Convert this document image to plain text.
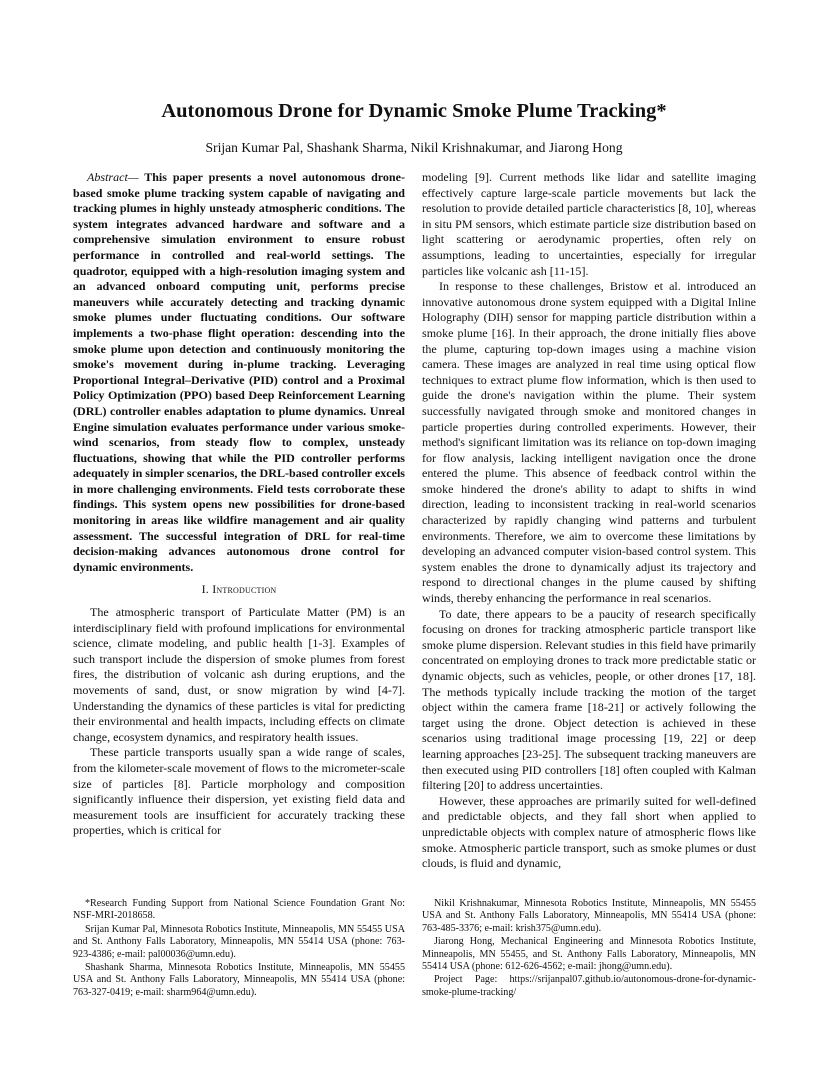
Autonomous Drone for Dynamic Smoke Plume Tracking*

Srijan Kumar Pal, Shashank Sharma, Nikil Krishnakumar, and Jiarong Hong

Abstract— This paper presents a novel autonomous drone-based smoke plume tracking system capable of navigating and tracking plumes in highly unsteady atmospheric conditions. The system integrates advanced hardware and software and a comprehensive simulation environment to ensure robust performance in controlled and real-world settings. The quadrotor, equipped with a high-resolution imaging system and an advanced onboard computing unit, performs precise maneuvers while accurately detecting and tracking dynamic smoke plumes under fluctuating conditions. Our software implements a two-phase flight operation: descending into the smoke plume upon detection and continuously monitoring the smoke's movement during in-plume tracking. Leveraging Proportional Integral–Derivative (PID) control and a Proximal Policy Optimization (PPO) based Deep Reinforcement Learning (DRL) controller enables adaptation to plume dynamics. Unreal Engine simulation evaluates performance under various smoke-wind scenarios, from steady flow to complex, unsteady fluctuations, showing that while the PID controller performs adequately in simpler scenarios, the DRL-based controller excels in more challenging environments. Field tests corroborate these findings. This system opens new possibilities for drone-based monitoring in areas like wildfire management and air quality assessment. The successful integration of DRL for real-time decision-making advances autonomous drone control for dynamic environments.

I. Introduction

The atmospheric transport of Particulate Matter (PM) is an interdisciplinary field with profound implications for environmental science, climate modeling, and public health [1-3]. Examples of such transport include the dispersion of smoke plumes from forest fires, the distribution of volcanic ash during eruptions, and the movements of sand, dust, or snow migration by wind [4-7]. Understanding the dynamics of these particles is vital for predicting their environmental and health impacts, including effects on climate change, ecosystem dynamics, and respiratory health issues.

These particle transports usually span a wide range of scales, from the kilometer-scale movement of flows to the micrometer-scale size of particles [8]. Particle morphology and composition significantly influence their dispersion, yet existing field data and measurement tools are insufficient for accurately tracking these properties, which is critical for

modeling [9]. Current methods like lidar and satellite imaging effectively capture large-scale particle movements but lack the resolution to provide detailed particle characteristics [8, 10], whereas in situ PM sensors, which estimate particle size distribution based on light scattering or aerodynamic properties, often rely on assumptions, leading to uncertainties, especially for irregular particles like volcanic ash [11-15].

In response to these challenges, Bristow et al. introduced an innovative autonomous drone system equipped with a Digital Inline Holography (DIH) sensor for mapping particle distribution within a smoke plume [16]. In their approach, the drone initially flies above the plume, capturing top-down images using a machine vision camera. These images are analyzed in real time using optical flow techniques to extract plume flow information, which is then used to guide the drone's navigation within the plume. Their system successfully navigated through smoke and monitored changes in particle properties during controlled experiments. However, their method's significant limitation was its reliance on top-down imaging for flow analysis, lacking intelligent navigation once the drone entered the plume. This absence of feedback control within the smoke hindered the drone's ability to adapt to shifts in wind direction, leading to inconsistent tracking in real-world scenarios characterized by rapidly changing wind patterns and turbulent environments. Therefore, we aim to overcome these limitations by developing an advanced computer vision-based control system. This system enables the drone to dynamically adjust its trajectory and respond to directional changes in the plume caused by shifting winds, thereby enhancing the performance in real scenarios.

To date, there appears to be a paucity of research specifically focusing on drones for tracking atmospheric particle transport like smoke plume dispersion. Relevant studies in this field have primarily concentrated on employing drones to track more predictable static or dynamic objects, such as vehicles, people, or other drones [17, 18]. The methods typically include tracking the motion of the target object within the camera frame [18-21] or actively following the target using the drone. Object detection is achieved in these scenarios using traditional image processing [19, 22] or deep learning approaches [23-25]. The subsequent tracking maneuvers are then executed using PID controllers [18] often coupled with Kalman filtering [20] to address uncertainties.

However, these approaches are primarily suited for well-defined and predictable objects, and they fall short when applied to unpredictable objects with complex nature of atmospheric flows like smoke. Atmospheric particle transport, such as smoke plumes or dust clouds, is fluid and dynamic,

*Research Funding Support from National Science Foundation Grant No: NSF-MRI-2018658.

Srijan Kumar Pal, Minnesota Robotics Institute, Minneapolis, MN 55455 USA and St. Anthony Falls Laboratory, Minneapolis, MN 55414 USA (phone: 763-923-4386; e-mail: pal00036@umn.edu).

Shashank Sharma, Minnesota Robotics Institute, Minneapolis, MN 55455 USA and St. Anthony Falls Laboratory, Minneapolis, MN 55414 USA (phone: 763-327-0419; e-mail: sharm964@umn.edu).

Nikil Krishnakumar, Minnesota Robotics Institute, Minneapolis, MN 55455 USA and St. Anthony Falls Laboratory, Minneapolis, MN 55414 USA (phone: 763-485-3376; e-mail: krish375@umn.edu).

Jiarong Hong, Mechanical Engineering and Minnesota Robotics Institute, Minneapolis, MN 55455, and St. Anthony Falls Laboratory, Minneapolis, MN 55414 USA (phone: 612-626-4562; e-mail: jhong@umn.edu).

Project Page: https://srijanpal07.github.io/autonomous-drone-for-dynamic-smoke-plume-tracking/
